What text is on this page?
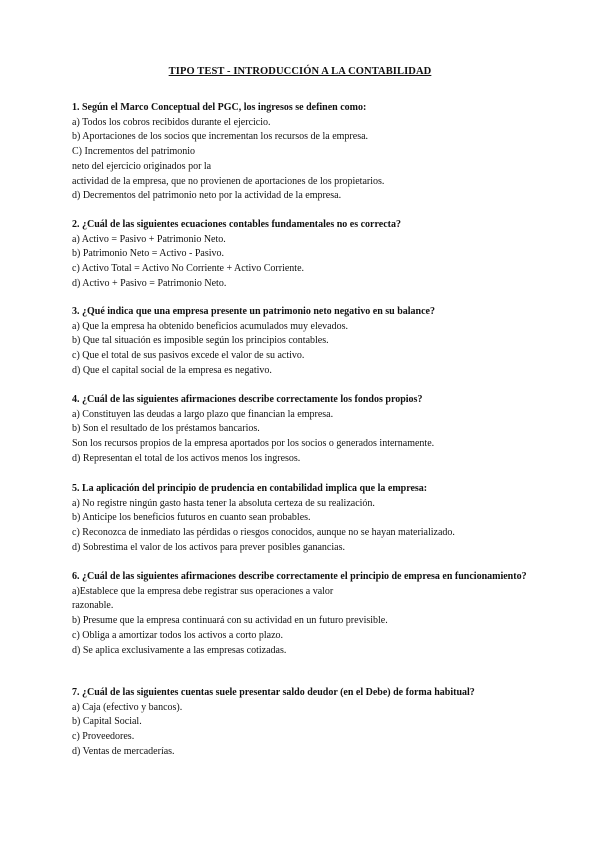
TIPO TEST - INTRODUCCIÓN A LA CONTABILIDAD

1. Según el Marco Conceptual del PGC, los ingresos se definen como:

a) Todos los cobros recibidos durante el ejercicio.

b) Aportaciones de los socios que incrementan los recursos de la empresa.

C) Incrementos del patrimonio

neto del ejercicio originados por la

actividad de la empresa, que no provienen de aportaciones de los propietarios.

d) Decrementos del patrimonio neto por la actividad de la empresa.

2. ¿Cuál de las siguientes ecuaciones contables fundamentales no es correcta?

a) Activo = Pasivo + Patrimonio Neto.

b) Patrimonio Neto = Activo - Pasivo.

c) Activo Total = Activo No Corriente + Activo Corriente.

d) Activo + Pasivo = Patrimonio Neto.

3. ¿Qué indica que una empresa presente un patrimonio neto negativo en su balance?

a) Que la empresa ha obtenido beneficios acumulados muy elevados.

b) Que tal situación es imposible según los principios contables.

c) Que el total de sus pasivos excede el valor de su activo.

d) Que el capital social de la empresa es negativo.

4. ¿Cuál de las siguientes afirmaciones describe correctamente los fondos propios?

a) Constituyen las deudas a largo plazo que financian la empresa.

b) Son el resultado de los préstamos bancarios.

Son los recursos propios de la empresa aportados por los socios o generados internamente.

d) Representan el total de los activos menos los ingresos.

5. La aplicación del principio de prudencia en contabilidad implica que la empresa:

a) No registre ningún gasto hasta tener la absoluta certeza de su realización.

b) Anticipe los beneficios futuros en cuanto sean probables.

c) Reconozca de inmediato las pérdidas o riesgos conocidos, aunque no se hayan materializado.

d) Sobrestima el valor de los activos para prever posibles ganancias.

6. ¿Cuál de las siguientes afirmaciones describe correctamente el principio de empresa en funcionamiento?

a)Establece que la empresa debe registrar sus operaciones a valor

razonable.

b) Presume que la empresa continuará con su actividad en un futuro previsible.

c) Obliga a amortizar todos los activos a corto plazo.

d) Se aplica exclusivamente a las empresas cotizadas.

7. ¿Cuál de las siguientes cuentas suele presentar saldo deudor (en el Debe) de forma habitual?

a) Caja (efectivo y bancos).

b) Capital Social.

c) Proveedores.

d) Ventas de mercaderías.
